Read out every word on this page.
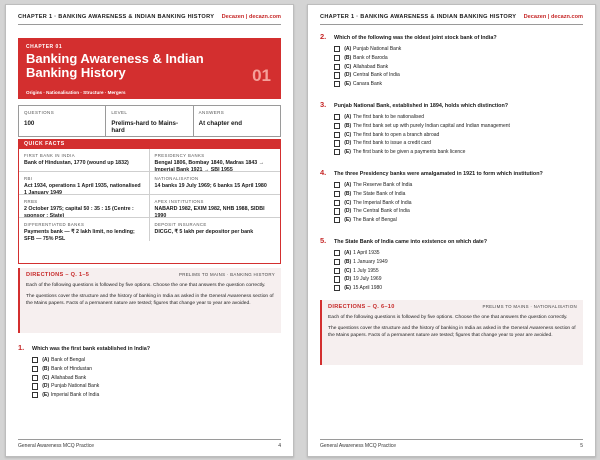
CHAPTER 1 · BANKING AWARENESS & INDIAN BANKING HISTORY Decazen | decazn.com
CHAPTER 01
Banking Awareness & Indian Banking History
Origins · Nationalisation · Structure · Mergers
01
QUESTIONS
100
LEVEL
Prelims-hard to Mains-hard
ANSWERS
At chapter end
QUICK FACTS
FIRST BANK IN INDIA
Bank of Hindustan, 1770 (wound up 1832)
PRESIDENCY BANKS
Bengal 1806, Bombay 1840, Madras 1843 → Imperial Bank 1921 → SBI 1955
RBI
Act 1934, operations 1 April 1935, nationalised 1 January 1949
NATIONALISATION
14 banks 19 July 1969; 6 banks 15 April 1980
RRBS
2 October 1975; capital 50 : 35 : 15 (Centre : sponsor : State)
APEX INSTITUTIONS
NABARD 1982, EXIM 1982, NHB 1988, SIDBI 1990
DIFFERENTIATED BANKS
Payments bank — ₹ 2 lakh limit, no lending; SFB — 75% PSL
DEPOSIT INSURANCE
DICGC, ₹ 5 lakh per depositor per bank
DIRECTIONS – Q. 1–5	PRELIMS TO MAINS · BANKING HISTORY
Each of the following questions is followed by five options. Choose the one that answers the question correctly.
The questions cover the structure and the history of banking in India as asked in the General Awareness section of the Mains papers. Facts of a permanent nature are tested; figures that change year to year are avoided.
1.	Which was the first bank established in India?
(A) Bank of Bengal
(B) Bank of Hindustan
(C) Allahabad Bank
(D) Punjab National Bank
(E) Imperial Bank of India
General Awareness MCQ Practice	4
CHAPTER 1 · BANKING AWARENESS & INDIAN BANKING HISTORY Decazen | decazn.com
2.	Which of the following was the oldest joint stock bank of India?
(A) Punjab National Bank
(B) Bank of Baroda
(C) Allahabad Bank
(D) Central Bank of India
(E) Canara Bank
3.	Punjab National Bank, established in 1894, holds which distinction?
(A) The first bank to be nationalised
(B) The first bank set up with purely Indian capital and Indian management
(C) The first bank to open a branch abroad
(D) The first bank to issue a credit card
(E) The first bank to be given a payments bank licence
4.	The three Presidency banks were amalgamated in 1921 to form which institution?
(A) The Reserve Bank of India
(B) The State Bank of India
(C) The Imperial Bank of India
(D) The Central Bank of India
(E) The Bank of Bengal
5.	The State Bank of India came into existence on which date?
(A) 1 April 1935
(B) 1 January 1949
(C) 1 July 1955
(D) 19 July 1969
(E) 15 April 1980
DIRECTIONS – Q. 6–10	PRELIMS TO MAINS · NATIONALISATION
Each of the following questions is followed by five options. Choose the one that answers the question correctly.
The questions cover the structure and the history of banking in India as asked in the General Awareness section of the Mains papers. Facts of a permanent nature are tested; figures that change year to year are avoided.
General Awareness MCQ Practice	5
